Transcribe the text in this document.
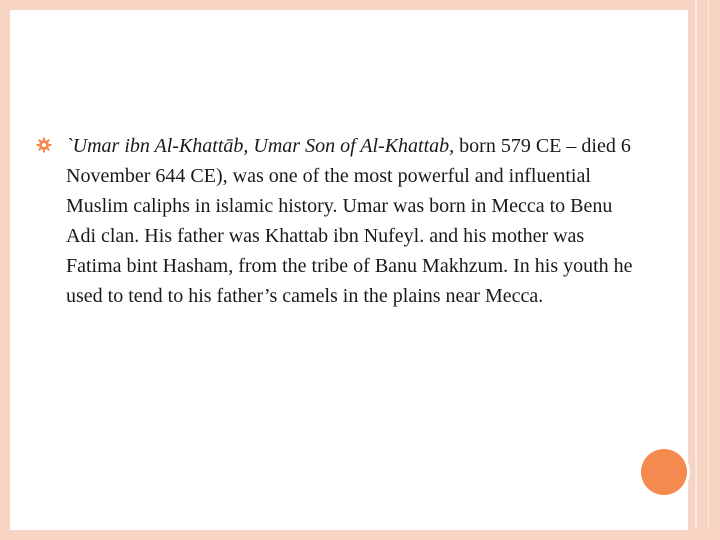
`Umar ibn Al-Khattāb, Umar Son of Al-Khattab, born 579 CE – died 6 November 644 CE), was one of the most powerful and influential Muslim caliphs in islamic history. Umar was born in Mecca to Benu Adi clan. His father was Khattab ibn Nufeyl. and his mother was Fatima bint Hasham, from the tribe of Banu Makhzum. In his youth he used to tend to his father’s camels in the plains near Mecca.
